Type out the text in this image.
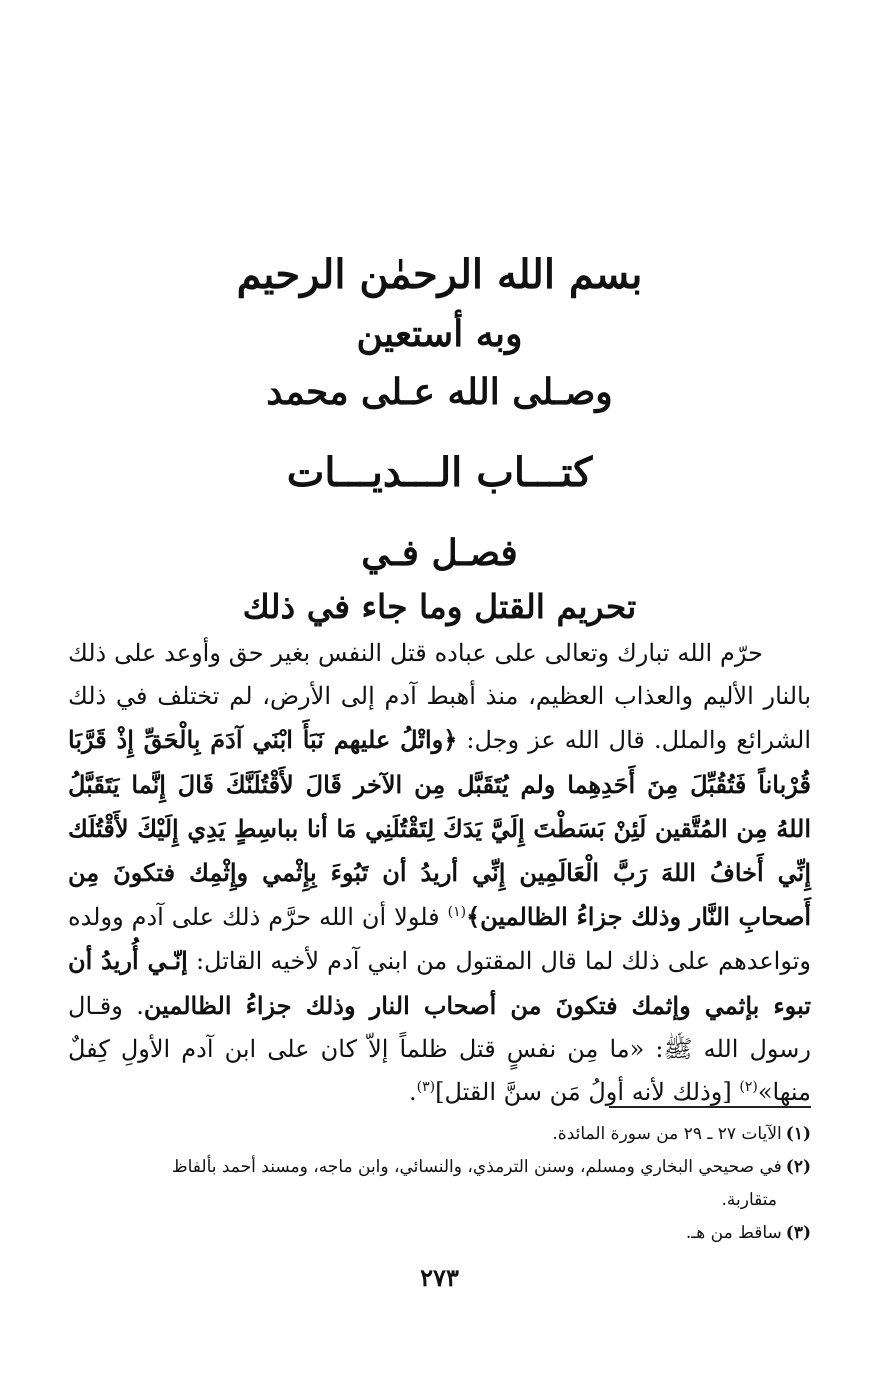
بسم الله الرحمٰن الرحيم
وبه أستعين
وصـلى الله عـلى محمد
كتـــاب الـــديـــات
فصـل فـي
تحريم القتل وما جاء في ذلك

حرّم الله تبارك وتعالى على عباده قتل النفس بغير حق وأوعد على ذلك بالنار الأليم والعذاب العظيم، منذ أهبط آدم إلى الأرض، لم تختلف في ذلك الشرائع والملل. قال الله عز وجل: ﴿واتْلُ عليهم نَبَأَ ابْنَي آدَمَ بِالْحَقِّ إِذْ قَرَّبَا قُرْباناً فَتُقُبِّلَ مِنَ أَحَدِهِما ولم يُتَقَبَّل مِن الآخر قَالَ لأَقْتُلَنَّكَ قَالَ إِنَّما يَتَقَبَّلُ اللهُ مِن المُتَّقين لَئِنْ بَسَطْتَ إِلَيَّ يَدَكَ لِتَقْتُلَنِي مَا أنا بباسِطٍ يَدِي إِلَيْكَ لأَقْتُلَك إِنِّي أَخافُ اللهَ رَبَّ الْعَالَمِين إِنِّي أريدُ أن تَبُوءَ بِإِثْمي وإِثْمِك فتكونَ مِن أَصحابِ النَّار وذلك جزاءُ الظالمين﴾$^{(١)}$ فلولا أن الله حرَّم ذلك على آدم وولده وتواعدهم على ذلك لما قال المقتول من ابني آدم لأخيه القاتل: إنّـي أُريدُ أن تبوء بإثمي وإثمك فتكونَ من أصحاب النار وذلك جزاءُ الظالمين. وقـال رسول الله ﷺ: «ما مِن نفسٍ قتل ظلماً إلاّ كان على ابن آدم الأولِ كِفلٌ منها»$^{(٢)}$ [وذلك لأنه أولُ مَن سنَّ القتل]$^{(٣)}$.

(١)الآيات ٢٧ ـ ٢٩ من سورة المائدة.

(٢)في صحيحي البخاري ومسلم، وسنن الترمذي، والنسائي، وابن ماجه، ومسند أحمد بألفاظ

متقاربة.

(٣)ساقط من هـ.

٢٧٣
